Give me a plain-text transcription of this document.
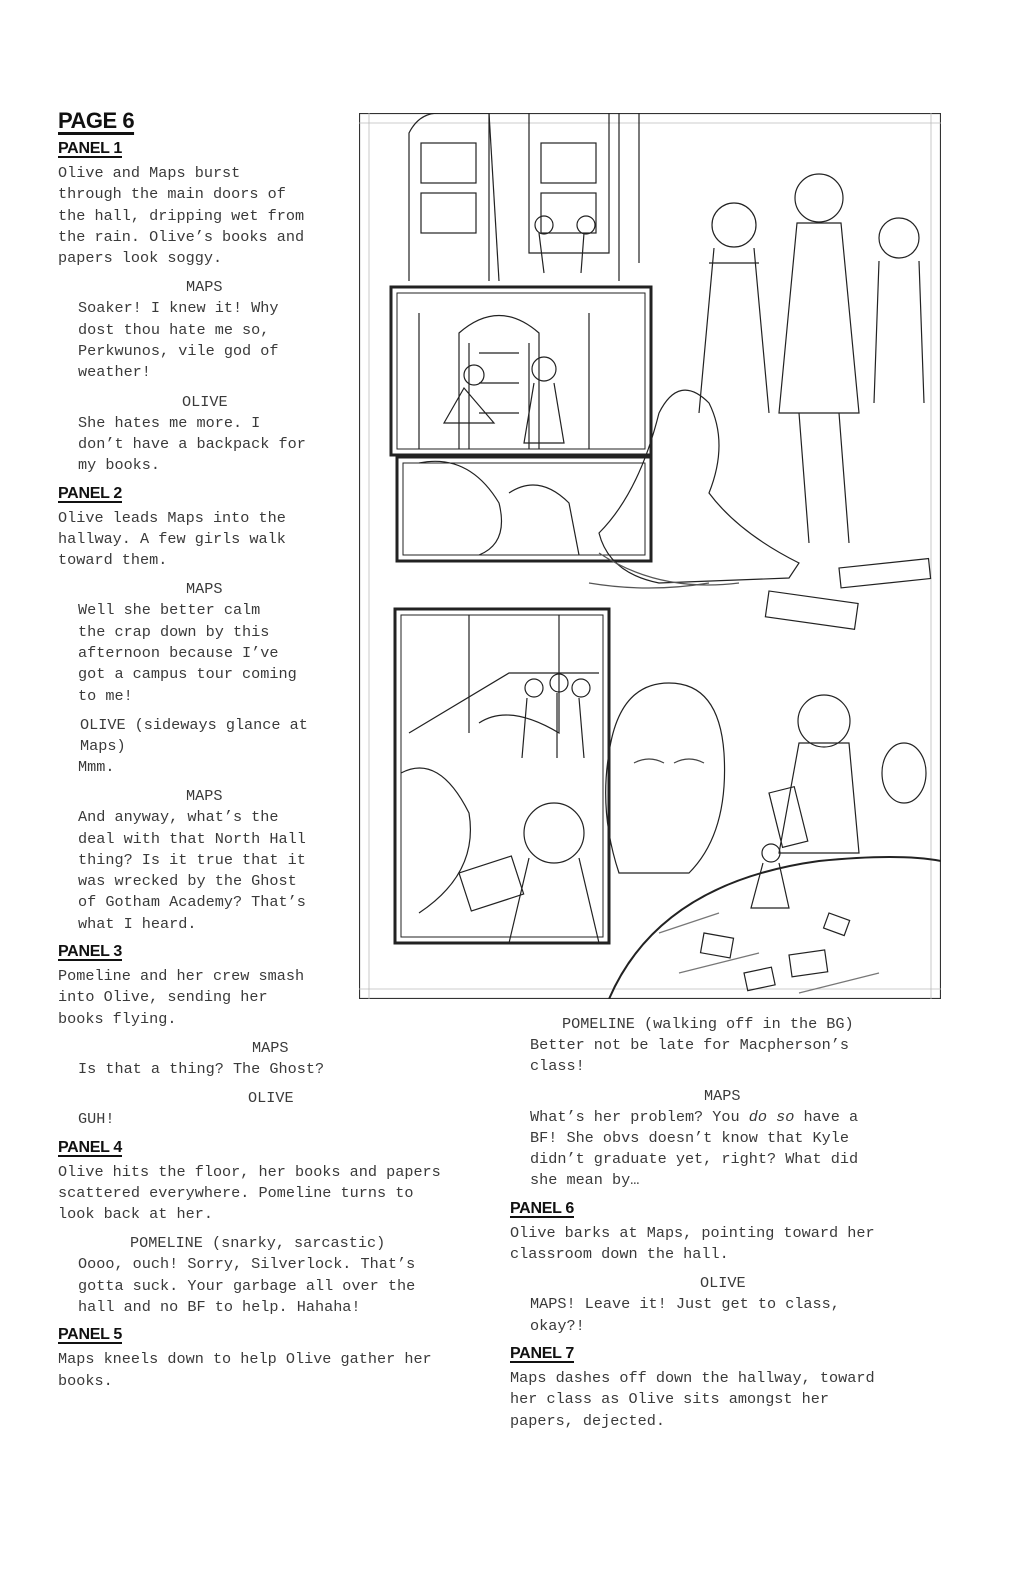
PAGE 6
PANEL 1

Olive and Maps burst
through the main doors of
the hall, dripping wet from
the rain. Olive’s books and
papers look soggy.

MAPS

Soaker! I knew it! Why
dost thou hate me so,
Perkwunos, vile god of
weather!

OLIVE

She hates me more. I
don’t have a backpack for
my books.

PANEL 2

Olive leads Maps into the
hallway. A few girls walk
toward them.

MAPS

Well she better calm
the crap down by this
afternoon because I’ve
got a campus tour coming
to me!

OLIVE (sideways glance at
Maps)

Mmm.

MAPS

And anyway, what’s the
deal with that North Hall
thing? Is it true that it
was wrecked by the Ghost
of Gotham Academy? That’s
what I heard.

PANEL 3

Pomeline and her crew smash
into Olive, sending her
books flying.

MAPS

Is that a thing? The Ghost?

OLIVE

GUH!

PANEL 4

Olive hits the floor, her books and papers
scattered everywhere. Pomeline turns to
look back at her.

POMELINE (snarky, sarcastic)

Oooo, ouch! Sorry, Silverlock. That’s
gotta suck. Your garbage all over the
hall and no BF to help. Hahaha!

PANEL 5

Maps kneels down to help Olive gather her
books.

POMELINE (walking off in the BG)

Better not be late for Macpherson’s
class!

MAPS

What’s her problem? You do so have a
BF! She obvs doesn’t know that Kyle
didn’t graduate yet, right? What did
she mean by…

PANEL 6

Olive barks at Maps, pointing toward her
classroom down the hall.

OLIVE

MAPS! Leave it! Just get to class,
okay?!

PANEL 7

Maps dashes off down the hallway, toward
her class as Olive sits amongst her
papers, dejected.
